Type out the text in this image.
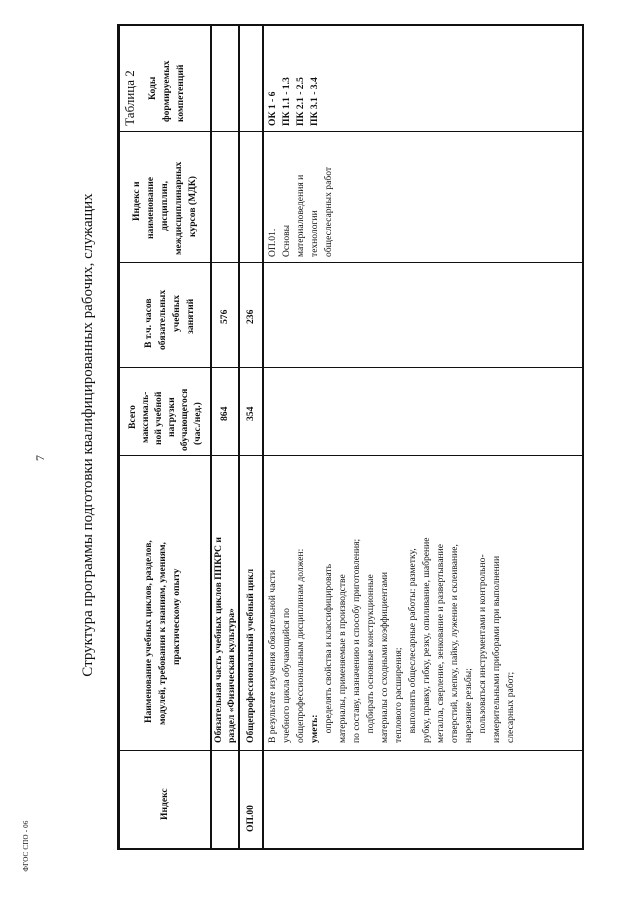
7 Структура программы подготовки квалифицированных рабочих, служащих
Таблица 2
ФГОС СПО - 06
Индекс
Наименование учебных циклов, разделов, модулей, требования к знаниям, умениям, практическому опыту
Всего максималь- ной учебной нагрузки обучающегося (час./нед.)
В т.ч. часов обязательных учебных занятий
Индекс и наименование дисциплин, междисциплинарных курсов (МДК)
Коды формируемых компетенций
Обязательная часть учебных циклов ППКРС и раздел «Физическая культура»
864
576
ОП.00
Общепрофессиональный учебный цикл
354
236
В результате изучения обязательной части учебного цикла обучающийся по общепрофессиональным дисциплинам должен: уметь: определять свойства и классифицировать материалы, применяемые в производстве по составу, назначению и способу приготовления; подбирать основные конструкционные материалы со сходными коэффициентами теплового расширения; выполнять общеслесарные работы: разметку, рубку, правку, гибку, резку, опиливание, шабрение металла, сверление, зенкование и развертывание отверстий, клепку, пайку, лужение и склеивание, нарезание резьбы; пользоваться инструментами и контрольно- измерительными приборами при выполнении слесарных работ;
ОП.01. Основы материаловедения и технологии общеслесарных работ
ОК 1 - 6 ПК 1.1 - 1.3 ПК 2.1 - 2.5 ПК 3.1 - 3.4
